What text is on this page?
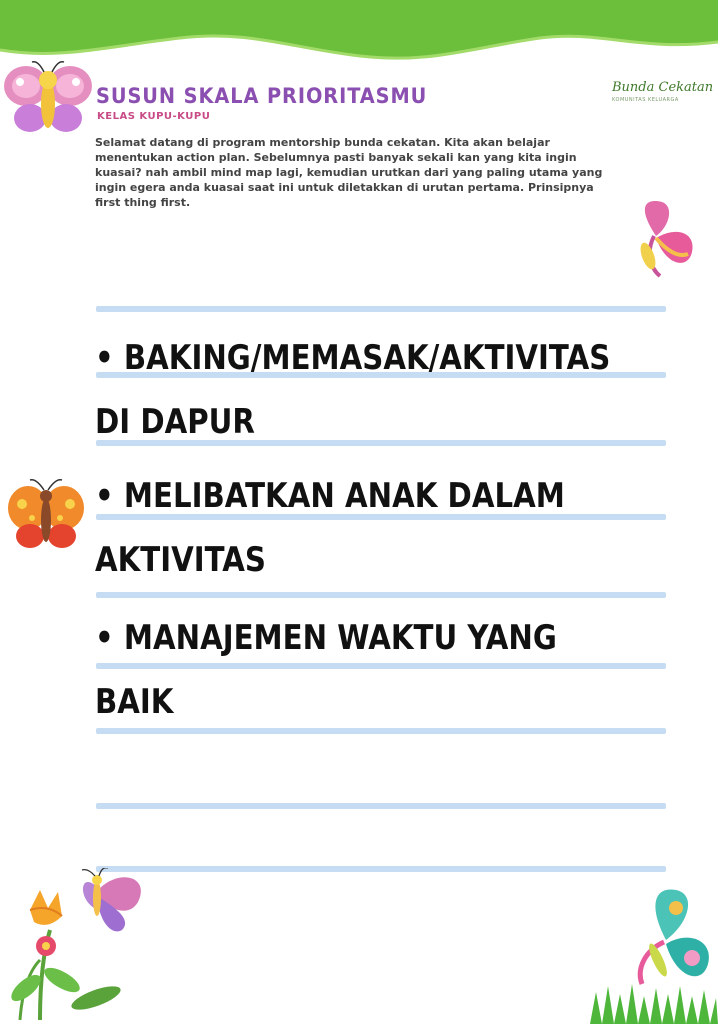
SUSUN SKALA PRIORITASMU
KELAS KUPU-KUPU

Selamat datang di program mentorship bunda cekatan. Kita akan belajar menentukan action plan. Sebelumnya pasti banyak sekali kan yang kita ingin kuasai? nah ambil mind map lagi, kemudian urutkan dari yang paling utama yang ingin egera anda kuasai saat ini untuk diletakkan di urutan pertama. Prinsipnya first thing first.

Bunda Cekatan
KOMUNITAS KELUARGA

• BAKING/MEMASAK/AKTIVITAS DI DAPUR

• MELIBATKAN ANAK DALAM AKTIVITAS

• MANAJEMEN WAKTU YANG BAIK
